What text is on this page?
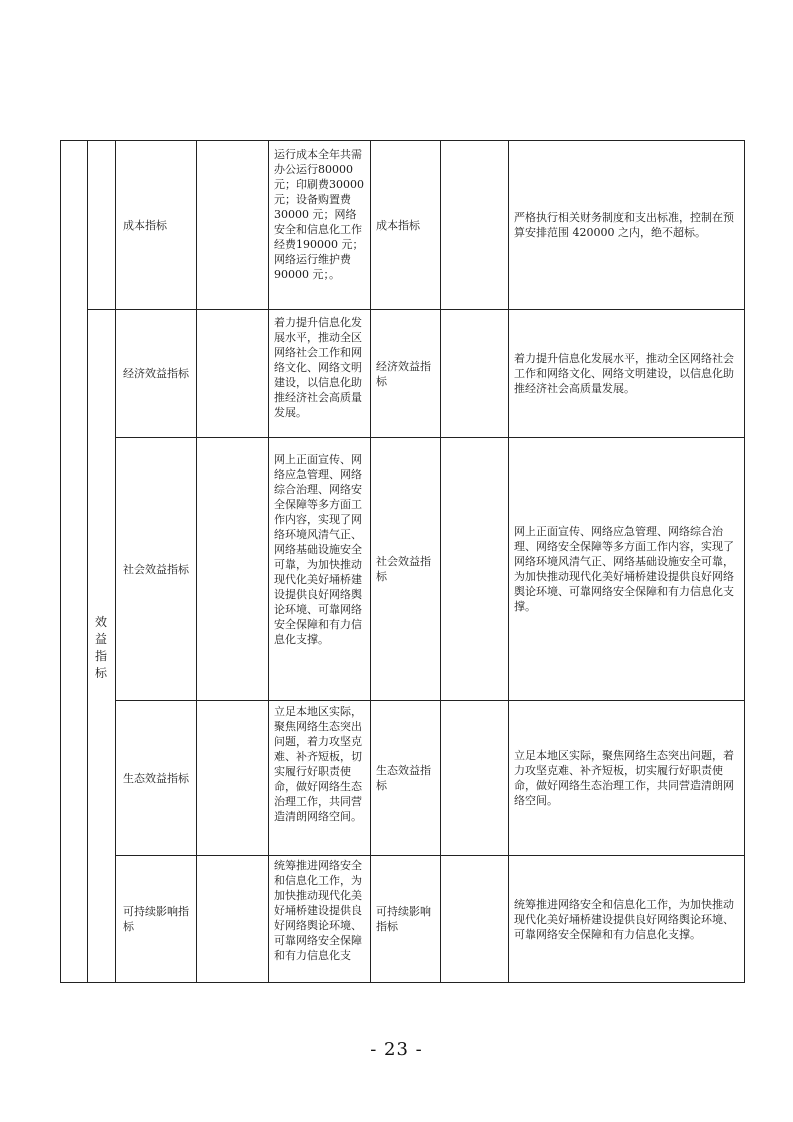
成本指标
运行成本全年共需办公运行80000 元；印刷费30000 元；设备购置费 30000 元；网络安全和信息化工作经费190000 元；网络运行维护费90000 元；。
成本指标
严格执行相关财务制度和支出标准，控制在预算安排范围 420000 之内，绝不超标。
效益指标
经济效益指标
着力提升信息化发展水平，推动全区网络社会工作和网络文化、网络文明建设，以信息化助推经济社会高质量发展。
经济效益指标
着力提升信息化发展水平，推动全区网络社会工作和网络文化、网络文明建设，以信息化助推经济社会高质量发展。
社会效益指标
网上正面宣传、网络应急管理、网络综合治理、网络安全保障等多方面工作内容，实现了网络环境风清气正、网络基础设施安全可靠，为加快推动现代化美好埇桥建设提供良好网络舆论环境、可靠网络安全保障和有力信息化支撑。
社会效益指标
网上正面宣传、网络应急管理、网络综合治理、网络安全保障等多方面工作内容，实现了网络环境风清气正、网络基础设施安全可靠，为加快推动现代化美好埇桥建设提供良好网络舆论环境、可靠网络安全保障和有力信息化支撑。
生态效益指标
立足本地区实际，聚焦网络生态突出问题，着力攻坚克难、补齐短板，切实履行好职责使命，做好网络生态治理工作，共同营造清朗网络空间。
生态效益指标
立足本地区实际，聚焦网络生态突出问题，着力攻坚克难、补齐短板，切实履行好职责使命，做好网络生态治理工作，共同营造清朗网络空间。
可持续影响指标
统筹推进网络安全和信息化工作，为加快推动现代化美好埇桥建设提供良好网络舆论环境、可靠网络安全保障和有力信息化支
可持续影响指标
统筹推进网络安全和信息化工作，为加快推动现代化美好埇桥建设提供良好网络舆论环境、可靠网络安全保障和有力信息化支撑。
- 23 -
